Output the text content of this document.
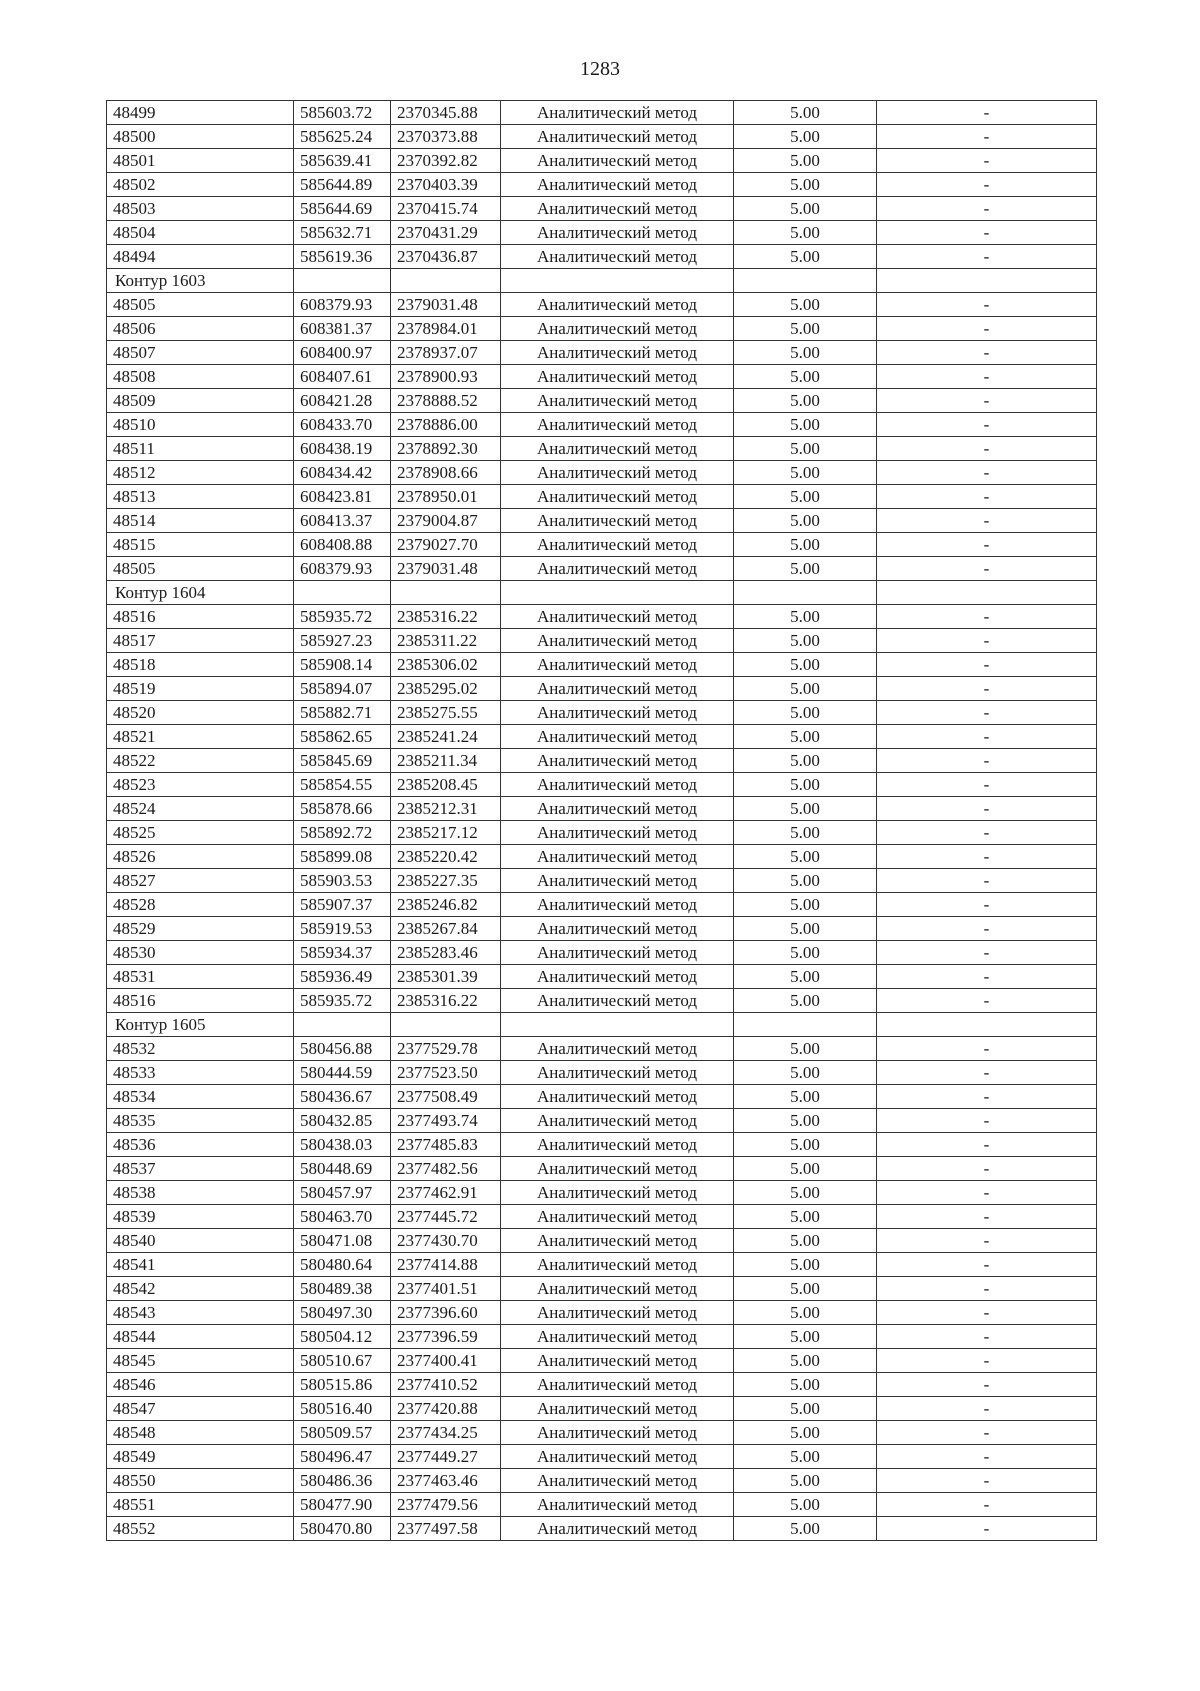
1283
48499	585603.72	2370345.88	Аналитический метод	5.00	-
48500	585625.24	2370373.88	Аналитический метод	5.00	-
48501	585639.41	2370392.82	Аналитический метод	5.00	-
48502	585644.89	2370403.39	Аналитический метод	5.00	-
48503	585644.69	2370415.74	Аналитический метод	5.00	-
48504	585632.71	2370431.29	Аналитический метод	5.00	-
48494	585619.36	2370436.87	Аналитический метод	5.00	-
Контур 1603					
48505	608379.93	2379031.48	Аналитический метод	5.00	-
48506	608381.37	2378984.01	Аналитический метод	5.00	-
48507	608400.97	2378937.07	Аналитический метод	5.00	-
48508	608407.61	2378900.93	Аналитический метод	5.00	-
48509	608421.28	2378888.52	Аналитический метод	5.00	-
48510	608433.70	2378886.00	Аналитический метод	5.00	-
48511	608438.19	2378892.30	Аналитический метод	5.00	-
48512	608434.42	2378908.66	Аналитический метод	5.00	-
48513	608423.81	2378950.01	Аналитический метод	5.00	-
48514	608413.37	2379004.87	Аналитический метод	5.00	-
48515	608408.88	2379027.70	Аналитический метод	5.00	-
48505	608379.93	2379031.48	Аналитический метод	5.00	-
Контур 1604					
48516	585935.72	2385316.22	Аналитический метод	5.00	-
48517	585927.23	2385311.22	Аналитический метод	5.00	-
48518	585908.14	2385306.02	Аналитический метод	5.00	-
48519	585894.07	2385295.02	Аналитический метод	5.00	-
48520	585882.71	2385275.55	Аналитический метод	5.00	-
48521	585862.65	2385241.24	Аналитический метод	5.00	-
48522	585845.69	2385211.34	Аналитический метод	5.00	-
48523	585854.55	2385208.45	Аналитический метод	5.00	-
48524	585878.66	2385212.31	Аналитический метод	5.00	-
48525	585892.72	2385217.12	Аналитический метод	5.00	-
48526	585899.08	2385220.42	Аналитический метод	5.00	-
48527	585903.53	2385227.35	Аналитический метод	5.00	-
48528	585907.37	2385246.82	Аналитический метод	5.00	-
48529	585919.53	2385267.84	Аналитический метод	5.00	-
48530	585934.37	2385283.46	Аналитический метод	5.00	-
48531	585936.49	2385301.39	Аналитический метод	5.00	-
48516	585935.72	2385316.22	Аналитический метод	5.00	-
Контур 1605					
48532	580456.88	2377529.78	Аналитический метод	5.00	-
48533	580444.59	2377523.50	Аналитический метод	5.00	-
48534	580436.67	2377508.49	Аналитический метод	5.00	-
48535	580432.85	2377493.74	Аналитический метод	5.00	-
48536	580438.03	2377485.83	Аналитический метод	5.00	-
48537	580448.69	2377482.56	Аналитический метод	5.00	-
48538	580457.97	2377462.91	Аналитический метод	5.00	-
48539	580463.70	2377445.72	Аналитический метод	5.00	-
48540	580471.08	2377430.70	Аналитический метод	5.00	-
48541	580480.64	2377414.88	Аналитический метод	5.00	-
48542	580489.38	2377401.51	Аналитический метод	5.00	-
48543	580497.30	2377396.60	Аналитический метод	5.00	-
48544	580504.12	2377396.59	Аналитический метод	5.00	-
48545	580510.67	2377400.41	Аналитический метод	5.00	-
48546	580515.86	2377410.52	Аналитический метод	5.00	-
48547	580516.40	2377420.88	Аналитический метод	5.00	-
48548	580509.57	2377434.25	Аналитический метод	5.00	-
48549	580496.47	2377449.27	Аналитический метод	5.00	-
48550	580486.36	2377463.46	Аналитический метод	5.00	-
48551	580477.90	2377479.56	Аналитический метод	5.00	-
48552	580470.80	2377497.58	Аналитический метод	5.00	-
